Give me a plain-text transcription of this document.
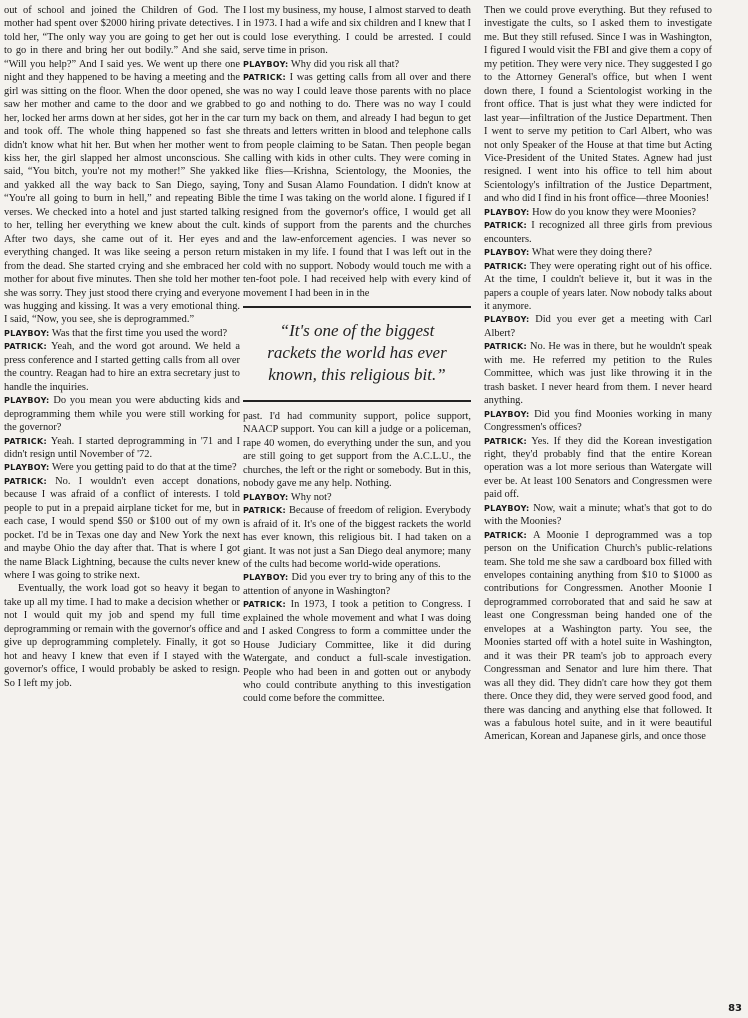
out of school and joined the Children of God. The mother had spent over $2000 hiring private detectives. I told her, “The only way you are going to get her out is to go in there and bring her out bodily.” And she said, “Will you help?” And I said yes. We went up there one night and they happened to be having a meeting and the girl was sitting on the floor. When the door opened, she saw her mother and came to the door and we grabbed her, locked her arms down at her sides, got her in the car and took off. The whole thing happened so fast she didn't know what hit her. But when her mother went to kiss her, the girl slapped her almost unconscious. She said, “You bitch, you're not my mother!” She yakked and yakked all the way back to San Diego, saying, “You're all going to burn in hell,” and repeating Bible verses. We checked into a hotel and just started talking to her, telling her everything we knew about the cult. After two days, she came out of it. Her eyes and everything changed. It was like seeing a person return from the dead. She started crying and she embraced her mother for about five minutes. Then she told her mother she was sorry. They just stood there crying and everyone was hugging and kissing. It was a very emotional thing. I said, “Now, you see, she is deprogrammed.”

PLAYBOY: Was that the first time you used the word?

PATRICK: Yeah, and the word got around. We held a press conference and I started getting calls from all over the country. Reagan had to hire an extra secretary just to handle the inquiries.

PLAYBOY: Do you mean you were abducting kids and deprogramming them while you were still working for the governor?

PATRICK: Yeah. I started deprogramming in '71 and I didn't resign until November of '72.

PLAYBOY: Were you getting paid to do that at the time?

PATRICK: No. I wouldn't even accept donations, because I was afraid of a conflict of interests. I told people to put in a prepaid airplane ticket for me, but in each case, I would spend $50 or $100 out of my own pocket. I'd be in Texas one day and New York the next and maybe Ohio the day after that. That is where I got the name Black Lightning, because the cults never knew where I was going to strike next.

Eventually, the work load got so heavy it began to take up all my time. I had to make a decision whether or not I would quit my job and spend my full time deprogramming or remain with the governor's office and give up deprogramming completely. Finally, it got so hot and heavy I knew that even if I stayed with the governor's office, I would probably be asked to resign. So I left my job.

I lost my business, my house, I almost starved to death in 1973. I had a wife and six children and I knew that I could lose everything. I could be arrested. I could serve time in prison.

PLAYBOY: Why did you risk all that?

PATRICK: I was getting calls from all over and there was no way I could leave those parents with no place to go and nothing to do. There was no way I could turn my back on them, and already I had begun to get threats and letters written in blood and telephone calls from people claiming to be Satan. Then people began calling with kids in other cults. They were coming in like flies—Krishna, Scientology, the Moonies, the Tony and Susan Alamo Foundation. I didn't know at the time I was taking on the world alone. I figured if I resigned from the governor's office, I would get all kinds of support from the parents and the churches and the law-enforcement agencies. I was never so mistaken in my life. I found that I was left out in the cold with no support. Nobody would touch me with a ten-foot pole. I had received help with every kind of movement I had been in in the

“It's one of the biggest rackets the world has ever known, this religious bit.”

past. I'd had community support, police support, NAACP support. You can kill a judge or a policeman, rape 40 women, do everything under the sun, and you are still going to get support from the A.C.L.U., the churches, the left or the right or somebody. But in this, nobody gave me any help. Nothing.

PLAYBOY: Why not?

PATRICK: Because of freedom of religion. Everybody is afraid of it. It's one of the biggest rackets the world has ever known, this religious bit. I had taken on a giant. It was not just a San Diego deal anymore; many of the cults had become world-wide operations.

PLAYBOY: Did you ever try to bring any of this to the attention of anyone in Washington?

PATRICK: In 1973, I took a petition to Congress. I explained the whole movement and what I was doing and I asked Congress to form a committee under the House Judiciary Committee, like it did during Watergate, and conduct a full-scale investigation. People who had been in and gotten out or anybody who could contribute anything to this investigation could come before the committee.

Then we could prove everything. But they refused to investigate the cults, so I asked them to investigate me. But they still refused. Since I was in Washington, I figured I would visit the FBI and give them a copy of my petition. They were very nice. They suggested I go to the Attorney General's office, but when I went down there, I found a Scientologist working in the front office. That is just what they were indicted for last year—infiltration of the Justice Department. Then I went to serve my petition to Carl Albert, who was not only Speaker of the House at that time but Acting Vice-President of the United States. Agnew had just resigned. I went into his office to tell him about Scientology's infiltration of the Justice Department, and who did I find in his front office—three Moonies!

PLAYBOY: How do you know they were Moonies?

PATRICK: I recognized all three girls from previous encounters.

PLAYBOY: What were they doing there?

PATRICK: They were operating right out of his office. At the time, I couldn't believe it, but it was in the papers a couple of years later. Now nobody talks about it anymore.

PLAYBOY: Did you ever get a meeting with Carl Albert?

PATRICK: No. He was in there, but he wouldn't speak with me. He referred my petition to the Rules Committee, which was just like throwing it in the trash basket. I never heard from them. I never heard anything.

PLAYBOY: Did you find Moonies working in many Congressmen's offices?

PATRICK: Yes. If they did the Korean investigation right, they'd probably find that the entire Korean operation was a lot more serious than Watergate will ever be. At least 100 Senators and Congressmen were paid off.

PLAYBOY: Now, wait a minute; what's that got to do with the Moonies?

PATRICK: A Moonie I deprogrammed was a top person on the Unification Church's public-relations team. She told me she saw a cardboard box filled with envelopes containing anything from $10 to $1000 as contributions for Congressmen. Another Moonie I deprogrammed corroborated that and said he saw at least one Congressman being handed one of the envelopes at a Washington party. You see, the Moonies started off with a hotel suite in Washington, and it was their PR team's job to approach every Congressman and Senator and lure him there. That was all they did. They didn't care how they got them there. Once they did, they were served good food, and there was dancing and anything else that followed. It was a fabulous hotel suite, and in it were beautiful American, Korean and Japanese girls, and once those

83
